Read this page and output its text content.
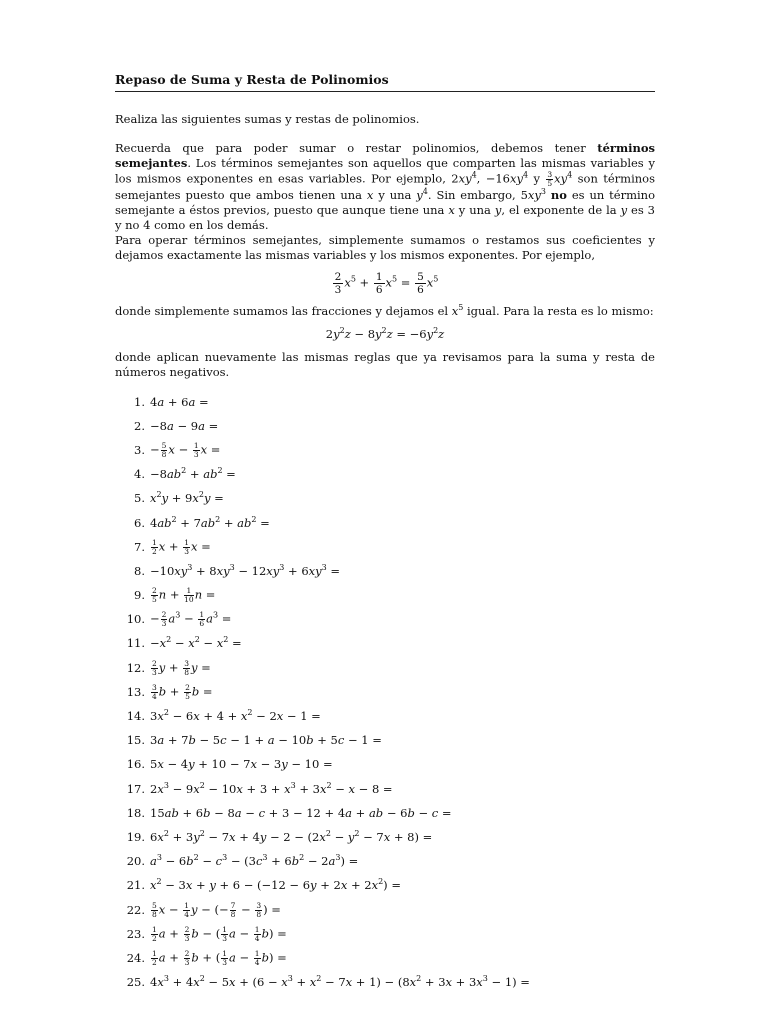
Repaso de Suma y Resta de Polinomios
Realiza las siguientes sumas y restas de polinomios.

Recuerda que para poder sumar o restar polinomios, debemos tener términos semejantes. Los términos semejantes son aquellos que comparten las mismas variables y los mismos exponentes en esas variables. Por ejemplo, $2xy^4$, $-16xy^4$ y $\frac{3}{5} xy^4$ son términos semejantes puesto que ambos tienen una x y una $y^4$. Sin embargo, $5xy^3$ no es un término semejante a éstos previos, puesto que aunque tiene una x y una y, el exponente de la y es 3 y no 4 como en los demás.

Para operar términos semejantes, simplemente sumamos o restamos sus coeficientes y dejamos exactamente las mismas variables y los mismos exponentes. Por ejemplo,

$\frac{2}{3} x^5 + \frac{1}{6} x^5 = \frac{5}{6} x^5$

donde simplemente sumamos las fracciones y dejamos el $x^5$ igual. Para la resta es lo mismo:

$2y^2z - 8y^2z = -6y^2z$

donde aplican nuevamente las mismas reglas que ya revisamos para la suma y resta de números negativos.

1. 4a + 6a =
2. −8a − 9a =
3. − $\frac{5}{8}$ $x - \frac{1}{3}$ x =
4. $-8ab^2 + ab^2$ =
5. $x^2y + 9x^2y$ =
6. $4ab^2 + 7ab^2 + ab^2$ =
7. $\frac{1}{2}$ $x + \frac{1}{3}$ x =
8. $-10xy^3 + 8xy^3 - 12xy^3 + 6xy^3$ =
9. $\frac{2}{5}$ $n + \frac{1}{10}$ n =
10. − $\frac{2}{3} a^3 - \frac{1}{6} a^3$ =
11. $-x^2 - x^2 - x^2$ =
12. $\frac{2}{3}$ $y + \frac{3}{8}$ y =
13. $\frac{3}{4}$ $b + \frac{2}{5}$ b =
14. $3x^2 - 6x + 4 + x^2 - 2x - 1$ =
15. 3a + 7b − 5c − 1 + a − 10b + 5c − 1 =
16. 5x − 4y + 10 − 7x − 3y − 10 =
17. $2x^3 - 9x^2 - 10x + 3 + x^3 + 3x^2 - x - 8$ =
18. 15ab + 6b − 8a − c + 3 − 12 + 4a + ab − 6b − c =
19. $6x^2 + 3y^2 - 7x + 4y - 2 - (2x^2 - y^2 - 7x + 8)$ =
20. $a^3 - 6b^2 - c^3 - (3c^3 + 6b^2 - 2a^3)$ =
21. $x^2 - 3x + y + 6 - (-12 - 6y + 2x + 2x^2)$ =
22. $\frac{5}{8}$ $x - \frac{1}{4}$ y − (− $\frac{7}{8} - \frac{3}{8}$ ) =
23. $\frac{1}{2}$ $a + \frac{2}{3}$ b − ( $\frac{1}{3}$ $a - \frac{1}{4} b$) =
24. $\frac{1}{2}$ $a + \frac{2}{3}$ b + ( $\frac{1}{3}$ $a - \frac{1}{4} b$) =
25. $4x^3 + 4x^2 - 5x + (6 - x^3 + x^2 - 7x + 1) - (8x^2 + 3x + 3x^3 - 1)$ =
